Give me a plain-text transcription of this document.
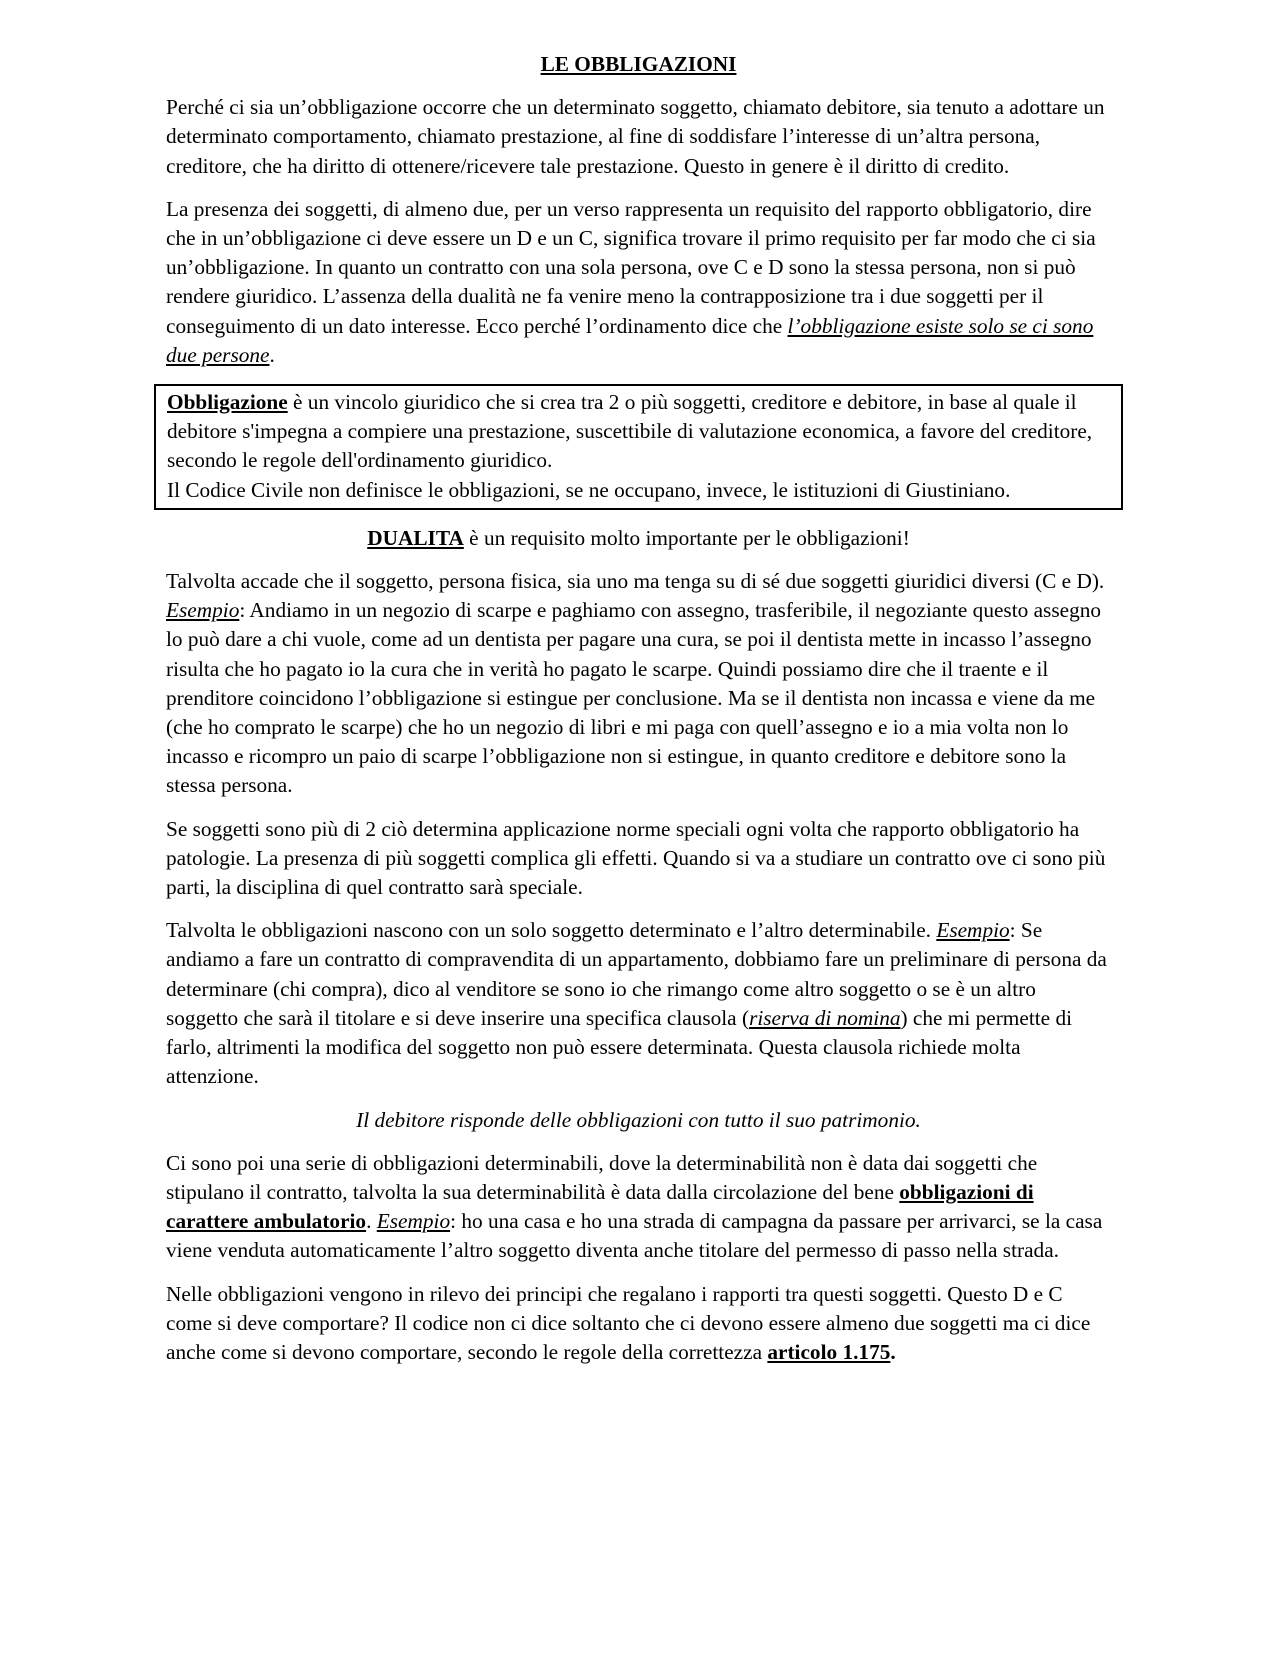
LE OBBLIGAZIONI

Perché ci sia un’obbligazione occorre che un determinato soggetto, chiamato debitore, sia tenuto a adottare un determinato comportamento, chiamato prestazione, al fine di soddisfare l’interesse di un’altra persona, creditore, che ha diritto di ottenere/ricevere tale prestazione. Questo in genere è il diritto di credito.

La presenza dei soggetti, di almeno due, per un verso rappresenta un requisito del rapporto obbligatorio, dire che in un’obbligazione ci deve essere un D e un C, significa trovare il primo requisito per far modo che ci sia un’obbligazione. In quanto un contratto con una sola persona, ove C e D sono la stessa persona, non si può rendere giuridico. L’assenza della dualità ne fa venire meno la contrapposizione tra i due soggetti per il conseguimento di un dato interesse. Ecco perché l’ordinamento dice che l’obbligazione esiste solo se ci sono due persone.

Obbligazione è un vincolo giuridico che si crea tra 2 o più soggetti, creditore e debitore, in base al quale il debitore s'impegna a compiere una prestazione, suscettibile di valutazione economica, a favore del creditore, secondo le regole dell'ordinamento giuridico.

Il Codice Civile non definisce le obbligazioni, se ne occupano, invece, le istituzioni di Giustiniano.

DUALITA è un requisito molto importante per le obbligazioni!

Talvolta accade che il soggetto, persona fisica, sia uno ma tenga su di sé due soggetti giuridici diversi (C e D). Esempio: Andiamo in un negozio di scarpe e paghiamo con assegno, trasferibile, il negoziante questo assegno lo può dare a chi vuole, come ad un dentista per pagare una cura, se poi il dentista mette in incasso l’assegno risulta che ho pagato io la cura che in verità ho pagato le scarpe. Quindi possiamo dire che il traente e il prenditore coincidono l’obbligazione si estingue per conclusione. Ma se il dentista non incassa e viene da me (che ho comprato le scarpe) che ho un negozio di libri e mi paga con quell’assegno e io a mia volta non lo incasso e ricompro un paio di scarpe l’obbligazione non si estingue, in quanto creditore e debitore sono la stessa persona.

Se soggetti sono più di 2 ciò determina applicazione norme speciali ogni volta che rapporto obbligatorio ha patologie. La presenza di più soggetti complica gli effetti. Quando si va a studiare un contratto ove ci sono più parti, la disciplina di quel contratto sarà speciale.

Talvolta le obbligazioni nascono con un solo soggetto determinato e l’altro determinabile. Esempio: Se andiamo a fare un contratto di compravendita di un appartamento, dobbiamo fare un preliminare di persona da determinare (chi compra), dico al venditore se sono io che rimango come altro soggetto o se è un altro soggetto che sarà il titolare e si deve inserire una specifica clausola (riserva di nomina) che mi permette di farlo, altrimenti la modifica del soggetto non può essere determinata. Questa clausola richiede molta attenzione.

Il debitore risponde delle obbligazioni con tutto il suo patrimonio.

Ci sono poi una serie di obbligazioni determinabili, dove la determinabilità non è data dai soggetti che stipulano il contratto, talvolta la sua determinabilità è data dalla circolazione del bene obbligazioni di carattere ambulatorio. Esempio: ho una casa e ho una strada di campagna da passare per arrivarci, se la casa viene venduta automaticamente l’altro soggetto diventa anche titolare del permesso di passo nella strada.

Nelle obbligazioni vengono in rilevo dei principi che regalano i rapporti tra questi soggetti. Questo D e C come si deve comportare? Il codice non ci dice soltanto che ci devono essere almeno due soggetti ma ci dice anche come si devono comportare, secondo le regole della correttezza articolo 1.175.
